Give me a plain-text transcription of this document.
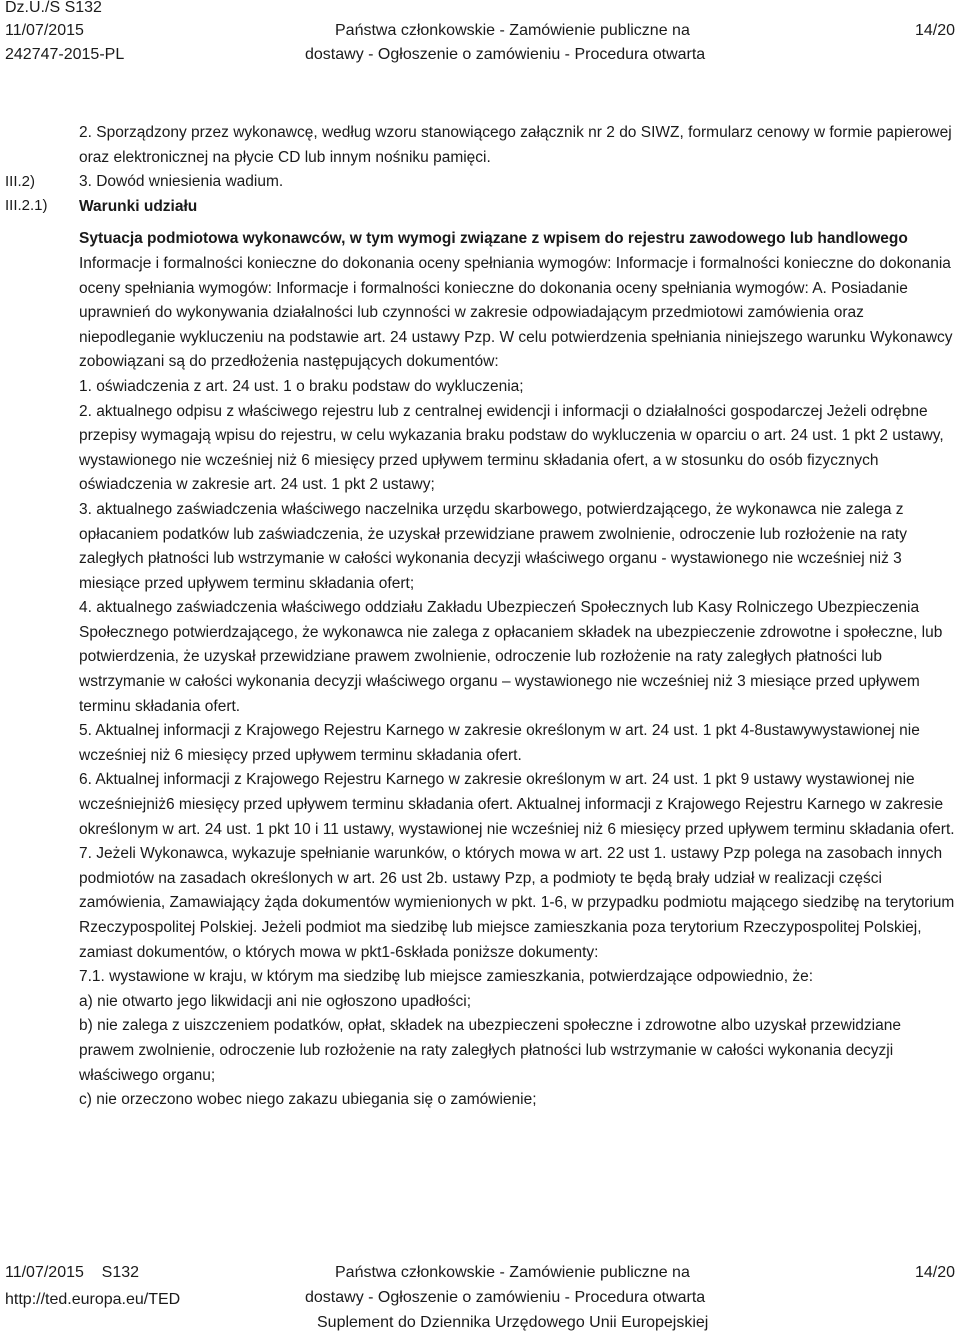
Dz.U./S S132
11/07/2015
242747-2015-PL
Państwa członkowskie - Zamówienie publiczne na
dostawy - Ogłoszenie o zamówieniu - Procedura otwarta
14/20
III.2)
III.2.1)

2. Sporządzony przez wykonawcę, według wzoru stanowiącego załącznik nr 2 do SIWZ, formularz cenowy w formie papierowej oraz elektronicznej na płycie CD lub innym nośniku pamięci.

3. Dowód wniesienia wadium.

Warunki udziału

Sytuacja podmiotowa wykonawców, w tym wymogi związane z wpisem do rejestru zawodowego lub handlowego

Informacje i formalności konieczne do dokonania oceny spełniania wymogów: Informacje i formalności konieczne do dokonania oceny spełniania wymogów: Informacje i formalności konieczne do dokonania oceny spełniania wymogów: A. Posiadanie uprawnień do wykonywania działalności lub czynności w zakresie odpowiadającym przedmiotowi zamówienia oraz niepodleganie wykluczeniu na podstawie art. 24 ustawy Pzp. W celu potwierdzenia spełniania niniejszego warunku Wykonawcy zobowiązani są do przedłożenia następujących dokumentów:

1. oświadczenia z art. 24 ust. 1 o braku podstaw do wykluczenia;

2. aktualnego odpisu z właściwego rejestru lub z centralnej ewidencji i informacji o działalności gospodarczej Jeżeli odrębne przepisy wymagają wpisu do rejestru, w celu wykazania braku podstaw do wykluczenia w oparciu o art. 24 ust. 1 pkt 2 ustawy, wystawionego nie wcześniej niż 6 miesięcy przed upływem terminu składania ofert, a w stosunku do osób fizycznych oświadczenia w zakresie art. 24 ust. 1 pkt 2 ustawy;

3. aktualnego zaświadczenia właściwego naczelnika urzędu skarbowego, potwierdzającego, że wykonawca nie zalega z opłacaniem podatków lub zaświadczenia, że uzyskał przewidziane prawem zwolnienie, odroczenie lub rozłożenie na raty zaległych płatności lub wstrzymanie w całości wykonania decyzji właściwego organu - wystawionego nie wcześniej niż 3 miesiące przed upływem terminu składania ofert;

4. aktualnego zaświadczenia właściwego oddziału Zakładu Ubezpieczeń Społecznych lub Kasy Rolniczego Ubezpieczenia Społecznego potwierdzającego, że wykonawca nie zalega z opłacaniem składek na ubezpieczenie zdrowotne i społeczne, lub potwierdzenia, że uzyskał przewidziane prawem zwolnienie, odroczenie lub rozłożenie na raty zaległych płatności lub wstrzymanie w całości wykonania decyzji właściwego organu – wystawionego nie wcześniej niż 3 miesiące przed upływem terminu składania ofert.

5. Aktualnej informacji z Krajowego Rejestru Karnego w zakresie określonym w art. 24 ust. 1 pkt 4-8ustawywystawionej nie wcześniej niż 6 miesięcy przed upływem terminu składania ofert.

6. Aktualnej informacji z Krajowego Rejestru Karnego w zakresie określonym w art. 24 ust. 1 pkt 9 ustawy wystawionej nie wcześniejniż6 miesięcy przed upływem terminu składania ofert. Aktualnej informacji z Krajowego Rejestru Karnego w zakresie określonym w art. 24 ust. 1 pkt 10 i 11 ustawy, wystawionej nie wcześniej niż 6 miesięcy przed upływem terminu składania ofert.

7. Jeżeli Wykonawca, wykazuje spełnianie warunków, o których mowa w art. 22 ust 1. ustawy Pzp polega na zasobach innych podmiotów na zasadach określonych w art. 26 ust 2b. ustawy Pzp, a podmioty te będą brały udział w realizacji części zamówienia, Zamawiający żąda dokumentów wymienionych w pkt. 1-6, w przypadku podmiotu mającego siedzibę na terytorium Rzeczypospolitej Polskiej. Jeżeli podmiot ma siedzibę lub miejsce zamieszkania poza terytorium Rzeczypospolitej Polskiej, zamiast dokumentów, o których mowa w pkt1-6składa poniższe dokumenty:

7.1. wystawione w kraju, w którym ma siedzibę lub miejsce zamieszkania, potwierdzające odpowiednio, że:

a) nie otwarto jego likwidacji ani nie ogłoszono upadłości;

b) nie zalega z uiszczeniem podatków, opłat, składek na ubezpieczeni społeczne i zdrowotne albo uzyskał przewidziane prawem zwolnienie, odroczenie lub rozłożenie na raty zaległych płatności lub wstrzymanie w całości wykonania decyzji właściwego organu;

c) nie orzeczono wobec niego zakazu ubiegania się o zamówienie;

11/07/2015    S132
http://ted.europa.eu/TED
Państwa członkowskie - Zamówienie publiczne na
dostawy - Ogłoszenie o zamówieniu - Procedura otwarta
Suplement do Dziennika Urzędowego Unii Europejskiej
14/20
